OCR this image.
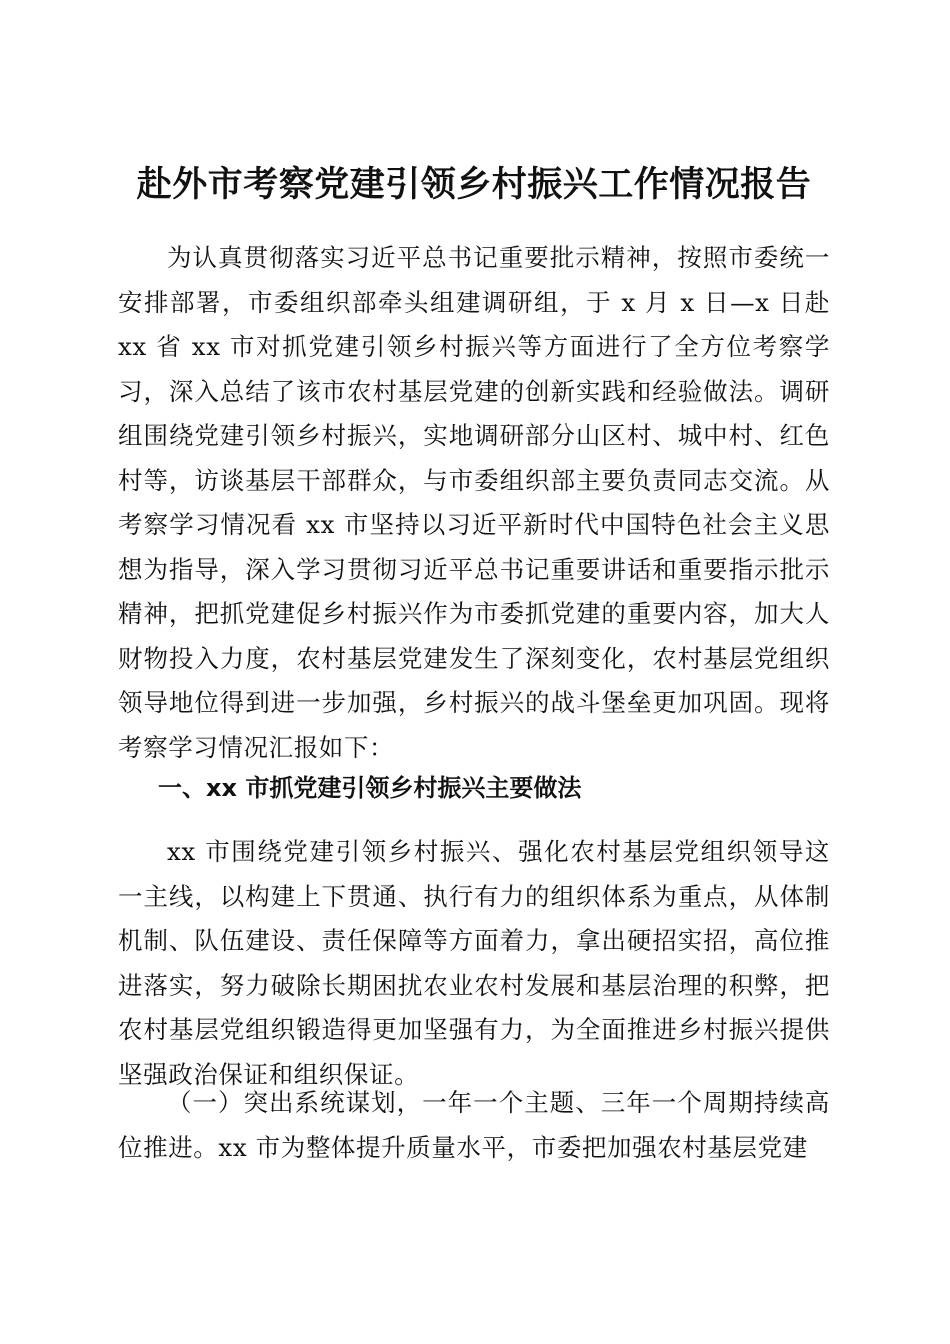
赴外市考察党建引领乡村振兴工作情况报告

为认真贯彻落实习近平总书记重要批示精神，按照市委统一安排部署，市委组织部牵头组建调研组，于 x 月 x 日—x 日赴 xx 省 xx 市对抓党建引领乡村振兴等方面进行了全方位考察学习，深入总结了该市农村基层党建的创新实践和经验做法。调研组围绕党建引领乡村振兴，实地调研部分山区村、城中村、红色村等，访谈基层干部群众，与市委组织部主要负责同志交流。从考察学习情况看 xx 市坚持以习近平新时代中国特色社会主义思想为指导，深入学习贯彻习近平总书记重要讲话和重要指示批示精神，把抓党建促乡村振兴作为市委抓党建的重要内容，加大人财物投入力度，农村基层党建发生了深刻变化，农村基层党组织领导地位得到进一步加强，乡村振兴的战斗堡垒更加巩固。现将考察学习情况汇报如下：

一、xx 市抓党建引领乡村振兴主要做法

xx 市围绕党建引领乡村振兴、强化农村基层党组织领导这一主线，以构建上下贯通、执行有力的组织体系为重点，从体制机制、队伍建设、责任保障等方面着力，拿出硬招实招，高位推进落实，努力破除长期困扰农业农村发展和基层治理的积弊，把农村基层党组织锻造得更加坚强有力，为全面推进乡村振兴提供坚强政治保证和组织保证。

（一）突出系统谋划，一年一个主题、三年一个周期持续高位推进。xx 市为整体提升质量水平，市委把加强农村基层党建
